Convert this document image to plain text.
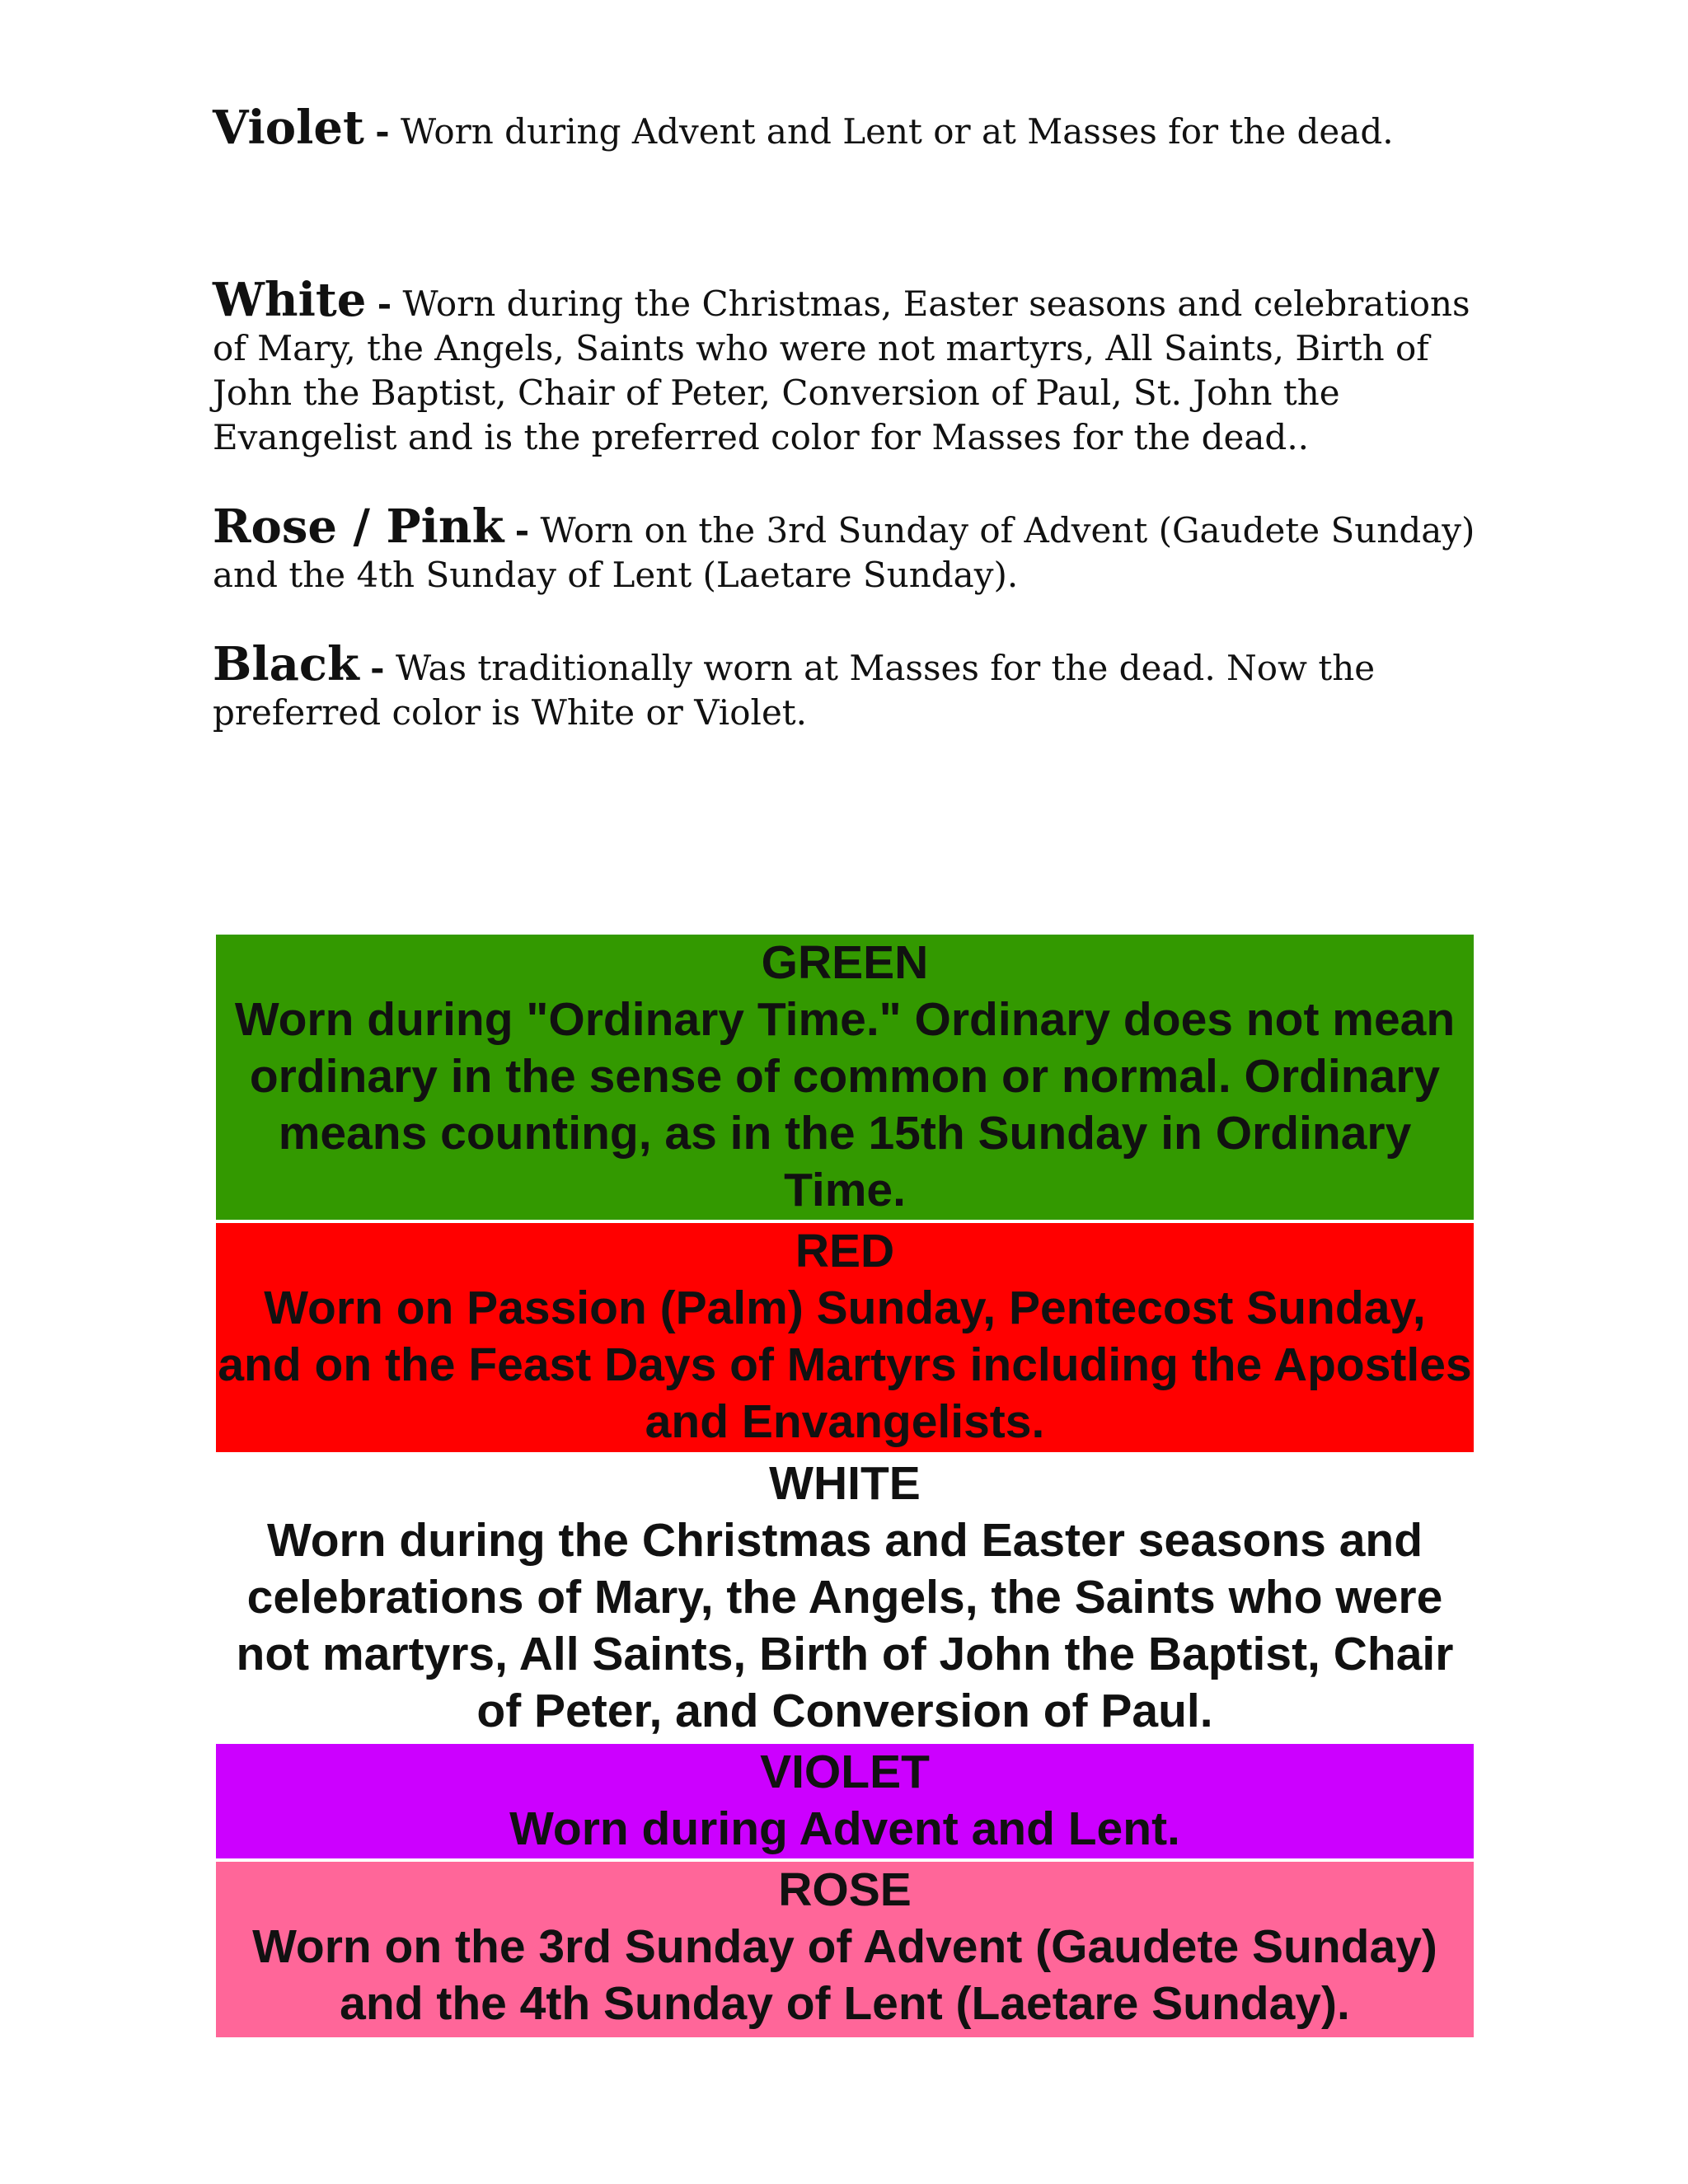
Violet - Worn during Advent and Lent or at Masses for the dead.

White - Worn during the Christmas, Easter seasons and celebrations of Mary, the Angels, Saints who were not martyrs, All Saints, Birth of John the Baptist, Chair of Peter, Conversion of Paul, St. John the Evangelist and is the preferred color for Masses for the dead..

Rose / Pink - Worn on the 3rd Sunday of Advent (Gaudete Sunday) and the 4th Sunday of Lent (Laetare Sunday).

Black - Was traditionally worn at Masses for the dead. Now the preferred color is White or Violet.

GREEN
Worn during "Ordinary Time." Ordinary does not mean ordinary in the sense of common or normal. Ordinary means counting, as in the 15th Sunday in Ordinary Time.
RED
Worn on Passion (Palm) Sunday, Pentecost Sunday, and on the Feast Days of Martyrs including the Apostles and Envangelists.
WHITE
Worn during the Christmas and Easter seasons and celebrations of Mary, the Angels, the Saints who were not martyrs, All Saints, Birth of John the Baptist, Chair of Peter, and Conversion of Paul.
VIOLET
Worn during Advent and Lent.
ROSE
Worn on the 3rd Sunday of Advent (Gaudete Sunday) and the 4th Sunday of Lent (Laetare Sunday).
